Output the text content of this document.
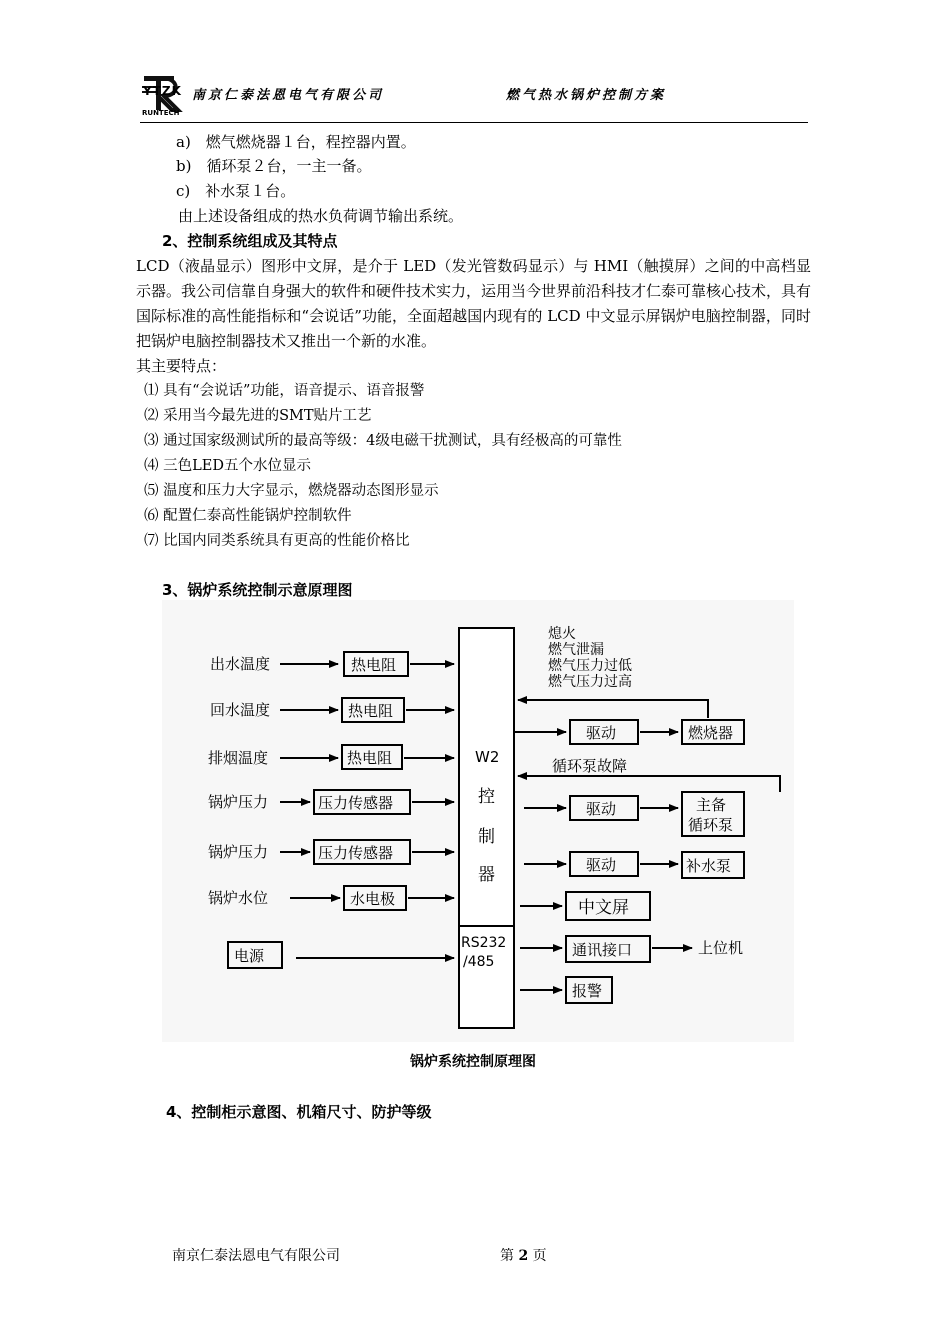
YTZK
RUNTECH
南京仁泰法恩电气有限公司	燃气热水锅炉控制方案
a)　燃气燃烧器１台，程控器内置。
b)　循环泵２台，一主一备。
c)　补水泵１台。
由上述设备组成的热水负荷调节输出系统。
2、控制系统组成及其特点
LCD（液晶显示）图形中文屏，是介于 LED（发光管数码显示）与 HMI（触摸屏）之间的中高档显示器。我公司信靠自身强大的软件和硬件技术实力，运用当今世界前沿科技才仁泰可靠核心技术，具有国际标准的高性能指标和“会说话”功能，全面超越国内现有的 LCD 中文显示屏锅炉电脑控制器，同时把锅炉电脑控制器技术又推出一个新的水准。
其主要特点：
⑴ 具有“会说话”功能，语音提示、语音报警
⑵ 采用当今最先进的SMT贴片工艺
⑶ 通过国家级测试所的最高等级：4级电磁干扰测试，具有经极高的可靠性
⑷ 三色LED五个水位显示
⑸ 温度和压力大字显示，燃烧器动态图形显示
⑹ 配置仁泰高性能锅炉控制软件
⑺ 比国内同类系统具有更高的性能价格比
3、锅炉系统控制示意原理图
出水温度
回水温度
排烟温度
锅炉压力
锅炉压力
锅炉水位
热电阻
热电阻
热电阻
压力传感器
压力传感器
水电极
电源
W2
控
制
器
RS232
/485
熄火
燃气泄漏
燃气压力过低
燃气压力过高
循环泵故障
驱动	燃烧器
驱动	主备
循环泵
驱动	补水泵
中文屏
通讯接口	上位机
报警
锅炉系统控制原理图
4、控制柜示意图、机箱尺寸、防护等级
南京仁泰法恩电气有限公司	第 2 页
